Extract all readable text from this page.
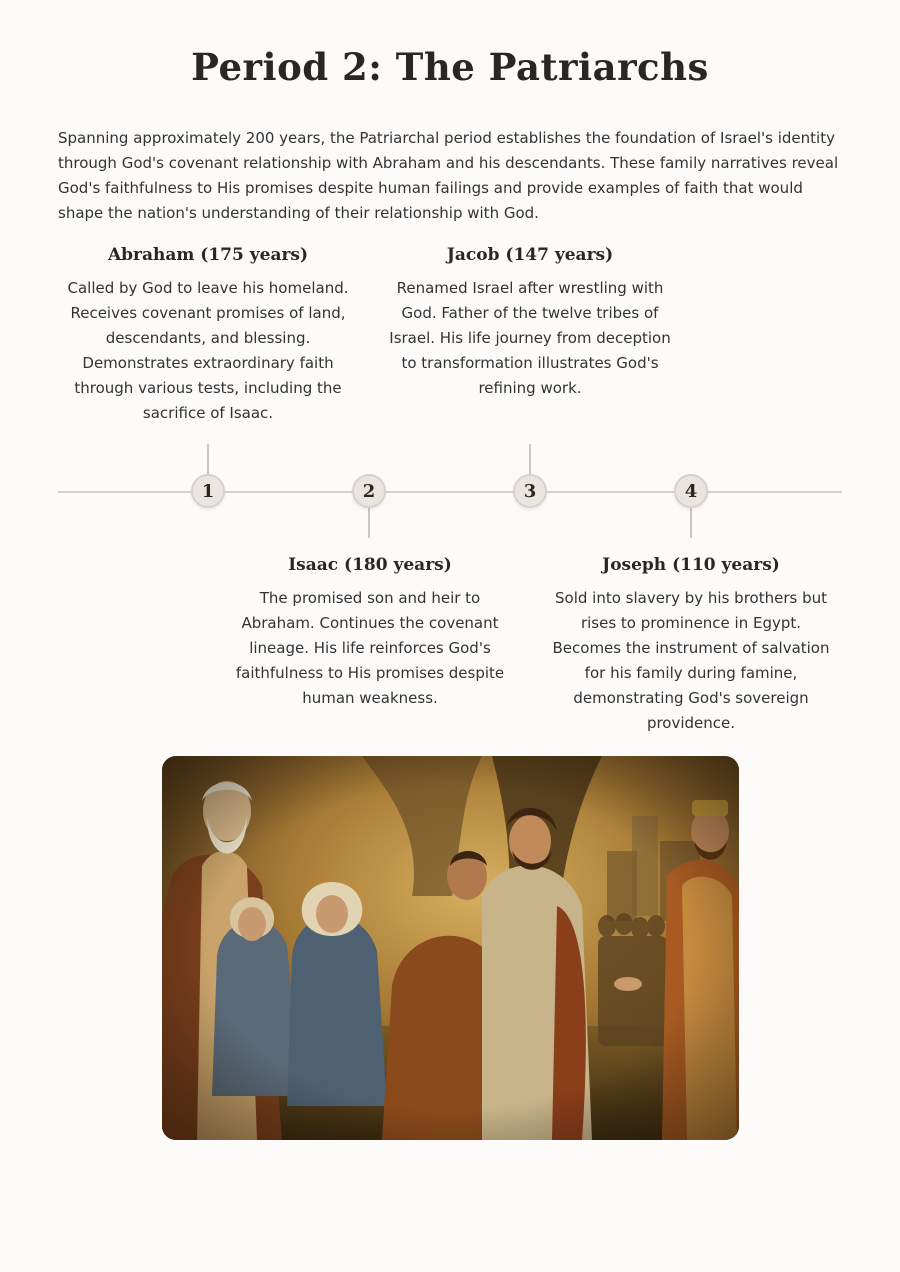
Period 2: The Patriarchs

Spanning approximately 200 years, the Patriarchal period establishes the foundation of Israel's identity through God's covenant relationship with Abraham and his descendants. These family narratives reveal God's faithfulness to His promises despite human failings and provide examples of faith that would shape the nation's understanding of their relationship with God.

Abraham (175 years)

Called by God to leave his homeland. Receives covenant promises of land, descendants, and blessing. Demonstrates extraordinary faith through various tests, including the sacrifice of Isaac.

Jacob (147 years)

Renamed Israel after wrestling with God. Father of the twelve tribes of Israel. His life journey from deception to transformation illustrates God's refining work.

1	2	3	4
Isaac (180 years)

The promised son and heir to Abraham. Continues the covenant lineage. His life reinforces God's faithfulness to His promises despite human weakness.

Joseph (110 years)

Sold into slavery by his brothers but rises to prominence in Egypt. Becomes the instrument of salvation for his family during famine, demonstrating God's sovereign providence.
